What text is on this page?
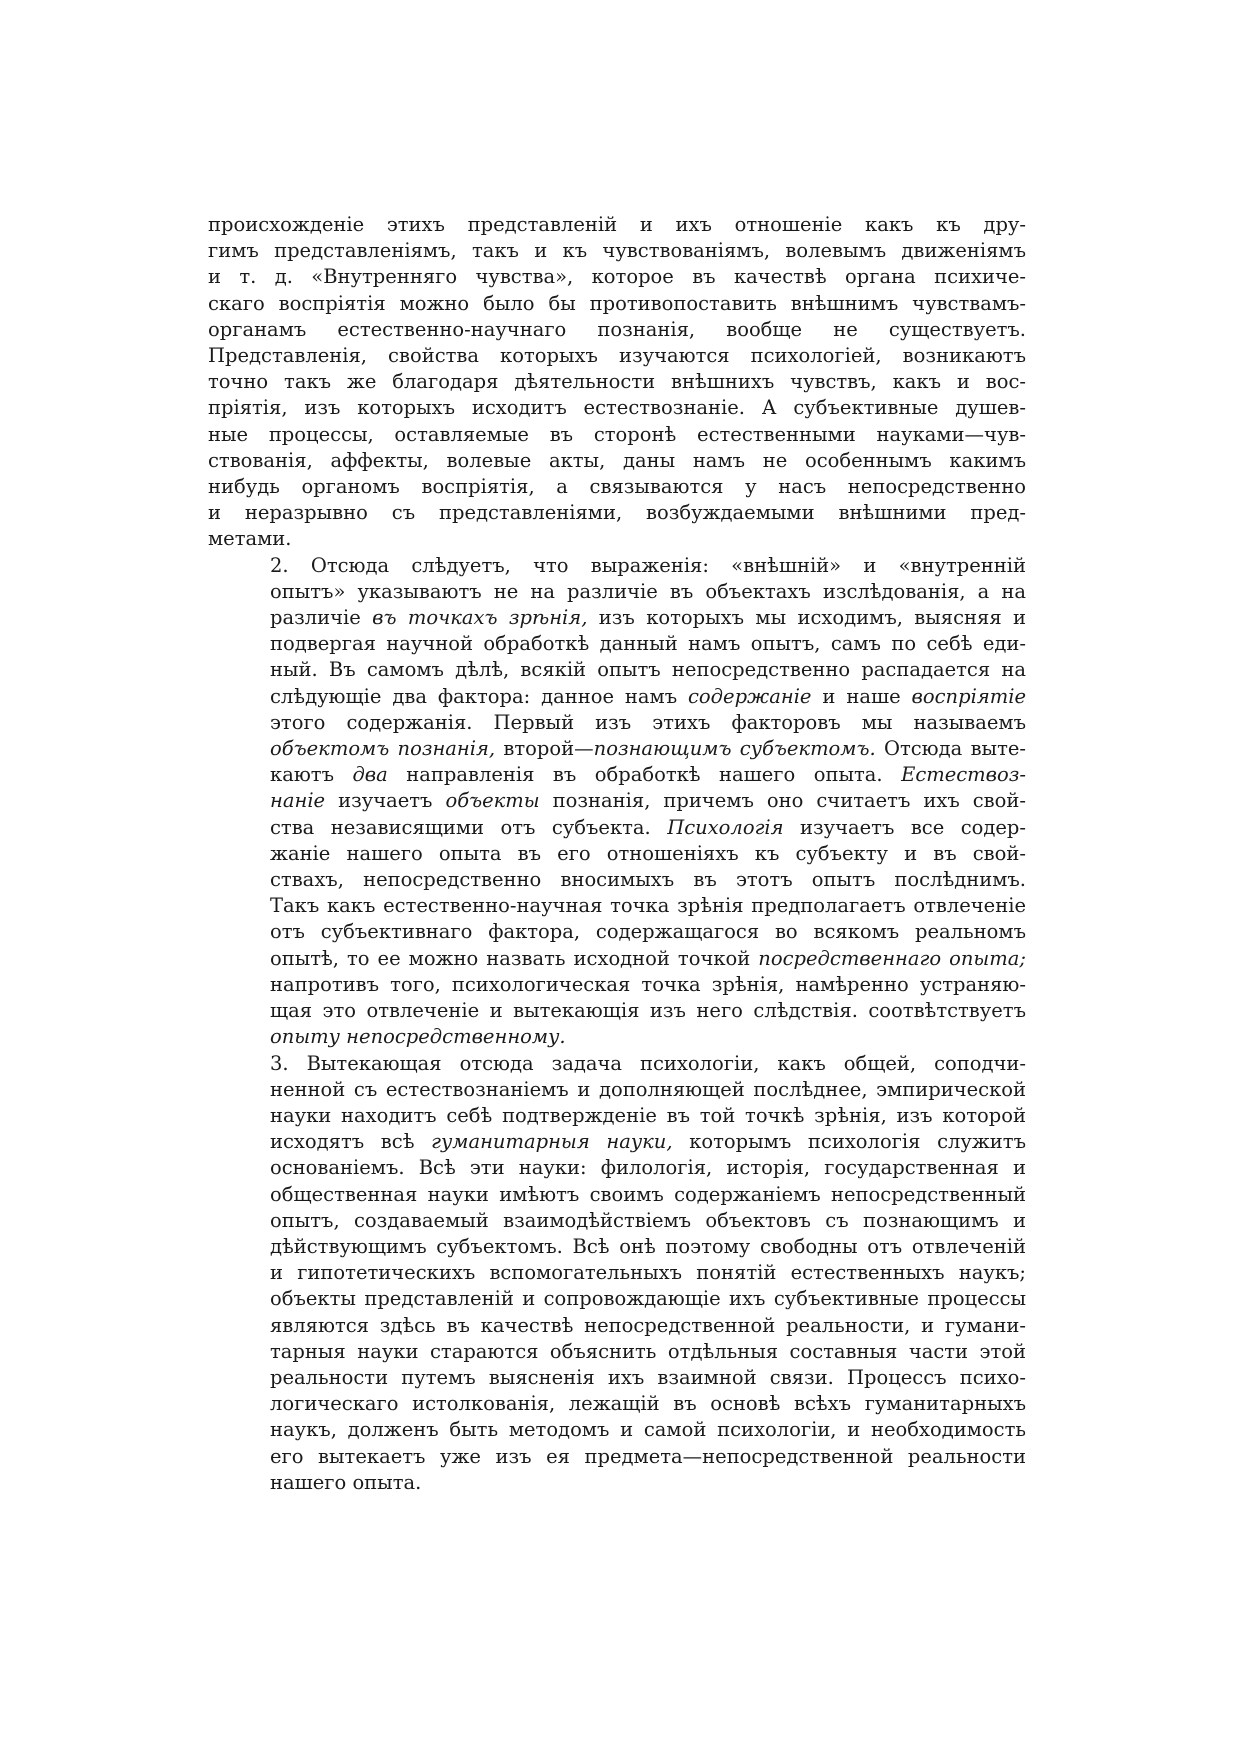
происхожденіе этихъ представленій и ихъ отношеніе какъ къ дру-
гимъ представленіямъ, такъ и къ чувствованіямъ, волевымъ движеніямъ
и т. д. «Внутренняго чувства», которое въ качествѣ органа психиче-
скаго воспріятія можно было бы противопоставить внѣшнимъ чувствамъ-
органамъ естественно-научнаго познанія, вообще не существуетъ.
Представленія, свойства которыхъ изучаются психологіей, возникаютъ
точно такъ же благодаря дѣятельности внѣшнихъ чувствъ, какъ и вос-
пріятія, изъ которыхъ исходитъ естествознаніе. А субъективные душев-
ные процессы, оставляемые въ сторонѣ естественными науками—чув-
ствованія, аффекты, волевые акты, даны намъ не особеннымъ какимъ
нибудь органомъ воспріятія, а связываются у насъ непосредственно
и неразрывно съ представленіями, возбуждаемыми внѣшними пред-
метами.
2. Отсюда слѣдуетъ, что выраженія: «внѣшній» и «внутренній
опытъ» указываютъ не на различіе въ объектахъ изслѣдованія, а на
различіе въ точкахъ зрѣнія, изъ которыхъ мы исходимъ, выясняя и
подвергая научной обработкѣ данный намъ опытъ, самъ по себѣ еди-
ный. Въ самомъ дѣлѣ, всякій опытъ непосредственно распадается на
слѣдующіе два фактора: данное намъ содержаніе и наше воспріятіе
этого содержанія. Первый изъ этихъ факторовъ мы называемъ
объектомъ познанія, второй—познающимъ субъектомъ. Отсюда выте-
каютъ два направленія въ обработкѣ нашего опыта. Естествоз-
наніе изучаетъ объекты познанія, причемъ оно считаетъ ихъ свой-
ства независящими отъ субъекта. Психологія изучаетъ все содер-
жаніе нашего опыта въ его отношеніяхъ къ субъекту и въ свой-
ствахъ, непосредственно вносимыхъ въ этотъ опытъ послѣднимъ.
Такъ какъ естественно-научная точка зрѣнія предполагаетъ отвлеченіе
отъ субъективнаго фактора, содержащагося во всякомъ реальномъ
опытѣ, то ее можно назвать исходной точкой посредственнаго опыта;
напротивъ того, психологическая точка зрѣнія, намѣренно устраняю-
щая это отвлеченіе и вытекающія изъ него слѣдствія. соотвѣтствуетъ
опыту непосредственному.
3. Вытекающая отсюда задача психологіи, какъ общей, соподчи-
ненной съ естествознаніемъ и дополняющей послѣднее, эмпирической
науки находитъ себѣ подтвержденіе въ той точкѣ зрѣнія, изъ которой
исходятъ всѣ гуманитарныя науки, которымъ психологія служитъ
основаніемъ. Всѣ эти науки: филологія, исторія, государственная и
общественная науки имѣютъ своимъ содержаніемъ непосредственный
опытъ, создаваемый взаимодѣйствіемъ объектовъ съ познающимъ и
дѣйствующимъ субъектомъ. Всѣ онѣ поэтому свободны отъ отвлеченій
и гипотетическихъ вспомогательныхъ понятій естественныхъ наукъ;
объекты представленій и сопровождающіе ихъ субъективные процессы
являются здѣсь въ качествѣ непосредственной реальности, и гумани-
тарныя науки стараются объяснить отдѣльныя составныя части этой
реальности путемъ выясненія ихъ взаимной связи. Процессъ психо-
логическаго истолкованія, лежащій въ основѣ всѣхъ гуманитарныхъ
наукъ, долженъ быть методомъ и самой психологіи, и необходимость
его вытекаетъ уже изъ ея предмета—непосредственной реальности
нашего опыта.
